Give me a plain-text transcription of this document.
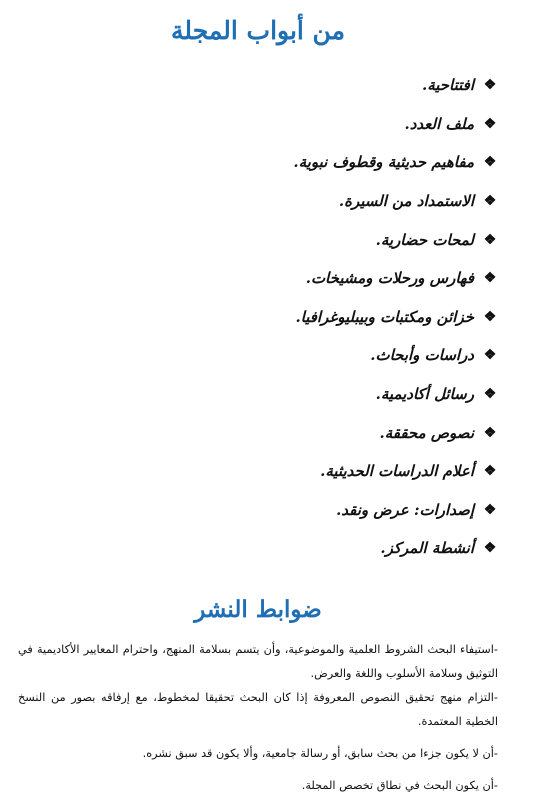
من أبواب المجلة
❖
افتتاحية.
❖
ملف العدد.
❖
مفاهيم حديثية وقطوف نبوية.
❖
الاستمداد من السيرة.
❖
لمحات حضارية.
❖
فهارس ورحلات ومشيخات.
❖
خزائن ومكتبات وبيبليوغرافيا.
❖
دراسات وأبحاث.
❖
رسائل أكاديمية.
❖
نصوص محققة.
❖
أعلام الدراسات الحديثية.
❖
إصدارات: عرض ونقد.
❖
أنشطة المركز.
ضوابط النشر

-استيفاء البحث الشروط العلمية والموضوعية، وأن يتسم بسلامة المنهج، واحترام المعايير الأكاديمية في التوثيق وسلامة الأسلوب واللغة والعرض.

-التزام منهج تحقيق النصوص المعروفة إذا كان البحث تحقيقا لمخطوط، مع إرفاقه بصور من النسخ الخطية المعتمدة.

-أن لا يكون جزءا من بحث سابق، أو رسالة جامعية، وألا يكون قد سبق نشره.

-أن يكون البحث في نطاق تخصص المجلة.
